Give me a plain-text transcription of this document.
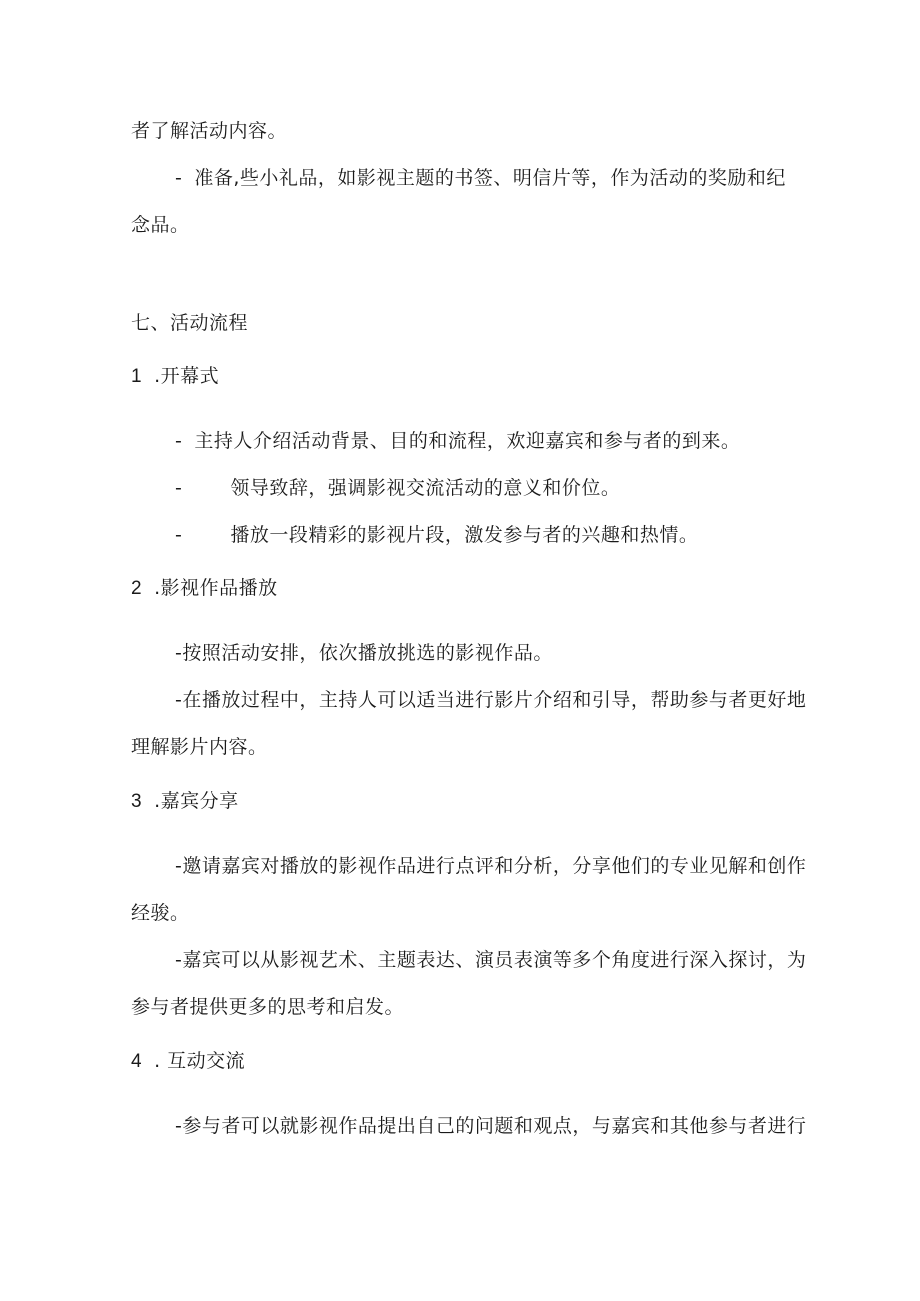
者了解活动内容。
- 准备,些小礼品，如影视主题的书签、明信片等，作为活动的奖励和纪
念品。
七、活动流程
1 .开幕式
- 主持人介绍活动背景、目的和流程，欢迎嘉宾和参与者的到来。
-	领导致辞，强调影视交流活动的意义和价位。
-	播放一段精彩的影视片段，激发参与者的兴趣和热情。
2 .影视作品播放
-按照活动安排，依次播放挑选的影视作品。
-在播放过程中，主持人可以适当进行影片介绍和引导，帮助参与者更好地
理解影片内容。
3 .嘉宾分享
-邀请嘉宾对播放的影视作品进行点评和分析，分享他们的专业见解和创作
经骏。
-嘉宾可以从影视艺术、主题表达、演员表演等多个角度进行深入探讨，为
参与者提供更多的思考和启发。
4 . 互动交流
-参与者可以就影视作品提出自己的问题和观点，与嘉宾和其他参与者进行
